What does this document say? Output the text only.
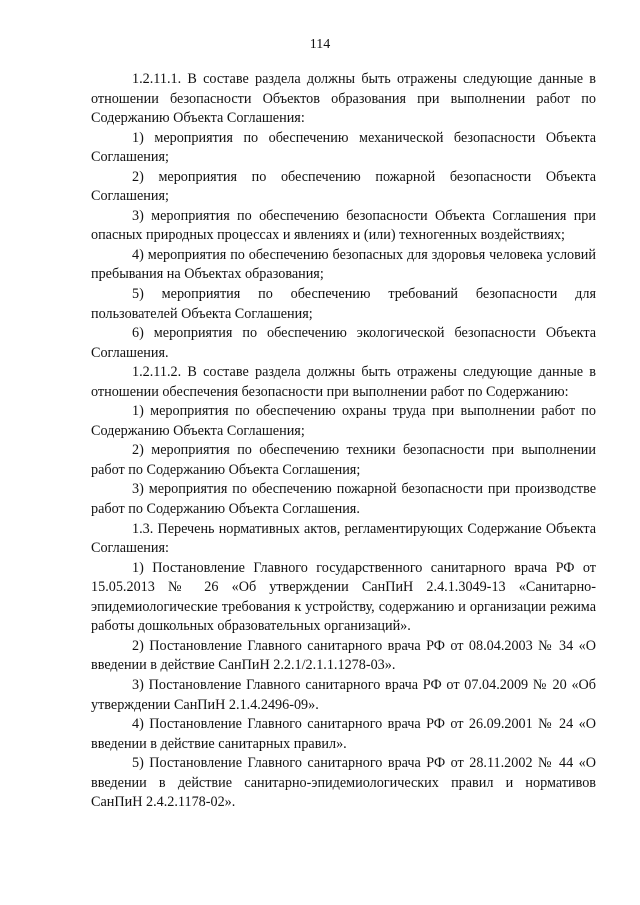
114

1.2.11.1. В составе раздела должны быть отражены следующие данные в отношении безопасности Объектов образования при выполнении работ по Содержанию Объекта Соглашения:

1) мероприятия по обеспечению механической безопасности Объекта Соглашения;

2) мероприятия по обеспечению пожарной безопасности Объекта Соглашения;

3) мероприятия по обеспечению безопасности Объекта Соглашения при опасных природных процессах и явлениях и (или) техногенных воздействиях;

4) мероприятия по обеспечению безопасных для здоровья человека условий пребывания на Объектах образования;

5) мероприятия по обеспечению требований безопасности для пользователей Объекта Соглашения;

6) мероприятия по обеспечению экологической безопасности Объекта Соглашения.

1.2.11.2. В составе раздела должны быть отражены следующие данные в отношении обеспечения безопасности при выполнении работ по Содержанию:

1) мероприятия по обеспечению охраны труда при выполнении работ по Содержанию Объекта Соглашения;

2) мероприятия по обеспечению техники безопасности при выполнении работ по Содержанию Объекта Соглашения;

3) мероприятия по обеспечению пожарной безопасности при производстве работ по Содержанию Объекта Соглашения.

1.3. Перечень нормативных актов, регламентирующих Содержание Объекта Соглашения:

1) Постановление Главного государственного санитарного врача РФ от 15.05.2013 № 26 «Об утверждении СанПиН 2.4.1.3049-13 «Санитарно-эпидемиологические требования к устройству, содержанию и организации режима работы дошкольных образовательных организаций».

2) Постановление Главного санитарного врача РФ от 08.04.2003 № 34 «О введении в действие СанПиН 2.2.1/2.1.1.1278-03».

3) Постановление Главного санитарного врача РФ от 07.04.2009 № 20 «Об утверждении СанПиН 2.1.4.2496-09».

4) Постановление Главного санитарного врача РФ от 26.09.2001 № 24 «О введении в действие санитарных правил».

5) Постановление Главного санитарного врача РФ от 28.11.2002 № 44 «О введении в действие санитарно-эпидемиологических правил и нормативов СанПиН 2.4.2.1178-02».
